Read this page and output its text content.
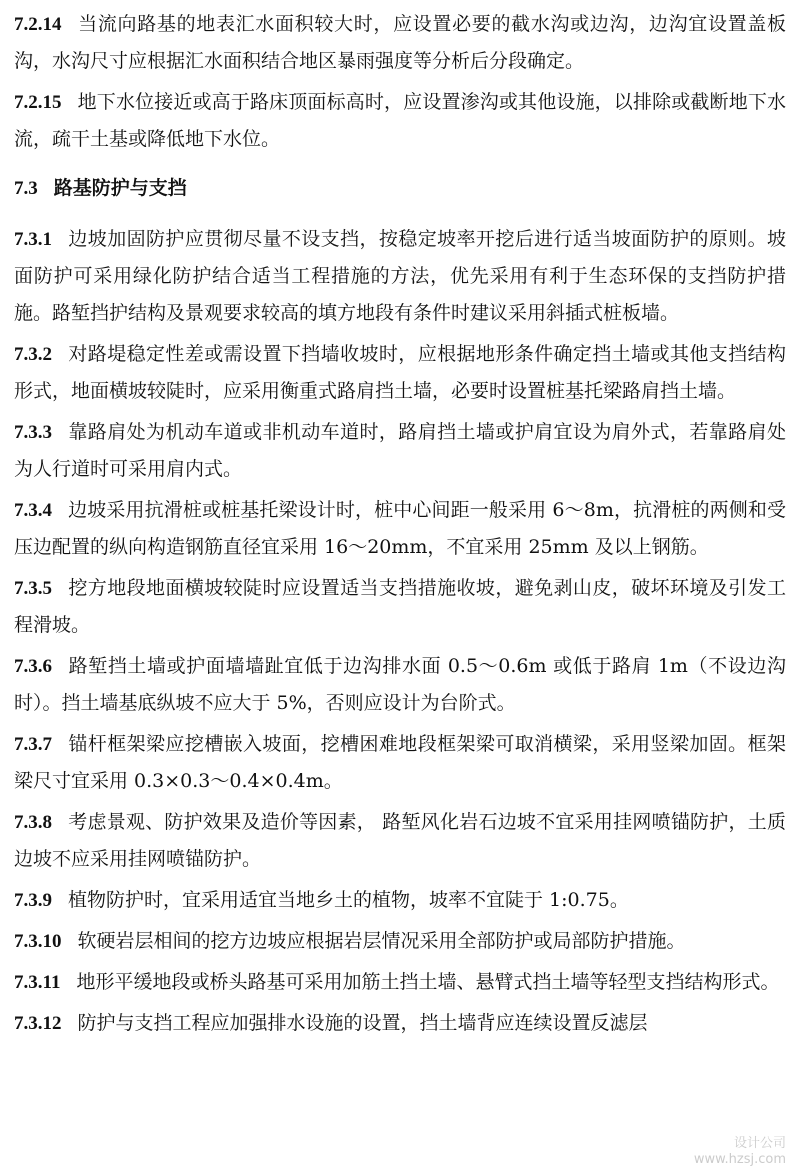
7.2.14 当流向路基的地表汇水面积较大时，应设置必要的截水沟或边沟，边沟宜设置盖板沟，水沟尺寸应根据汇水面积结合地区暴雨强度等分析后分段确定。

7.2.15 地下水位接近或高于路床顶面标高时，应设置渗沟或其他设施，以排除或截断地下水流，疏干土基或降低地下水位。

7.3 路基防护与支挡

7.3.1 边坡加固防护应贯彻尽量不设支挡，按稳定坡率开挖后进行适当坡面防护的原则。坡面防护可采用绿化防护结合适当工程措施的方法，优先采用有利于生态环保的支挡防护措施。路堑挡护结构及景观要求较高的填方地段有条件时建议采用斜插式桩板墙。

7.3.2 对路堤稳定性差或需设置下挡墙收坡时，应根据地形条件确定挡土墙或其他支挡结构形式，地面横坡较陡时，应采用衡重式路肩挡土墙，必要时设置桩基托梁路肩挡土墙。

7.3.3 靠路肩处为机动车道或非机动车道时，路肩挡土墙或护肩宜设为肩外式，若靠路肩处为人行道时可采用肩内式。

7.3.4 边坡采用抗滑桩或桩基托梁设计时，桩中心间距一般采用 6～8m，抗滑桩的两侧和受压边配置的纵向构造钢筋直径宜采用 16～20mm，不宜采用 25mm 及以上钢筋。

7.3.5 挖方地段地面横坡较陡时应设置适当支挡措施收坡，避免剥山皮，破坏环境及引发工程滑坡。

7.3.6 路堑挡土墙或护面墙墙趾宜低于边沟排水面 0.5～0.6m 或低于路肩 1m（不设边沟时）。挡土墙基底纵坡不应大于 5%，否则应设计为台阶式。

7.3.7 锚杆框架梁应挖槽嵌入坡面，挖槽困难地段框架梁可取消横梁，采用竖梁加固。框架梁尺寸宜采用 0.3×0.3～0.4×0.4m。

7.3.8 考虑景观、防护效果及造价等因素， 路堑风化岩石边坡不宜采用挂网喷锚防护，土质边坡不应采用挂网喷锚防护。

7.3.9 植物防护时，宜采用适宜当地乡土的植物，坡率不宜陡于 1:0.75。

7.3.10 软硬岩层相间的挖方边坡应根据岩层情况采用全部防护或局部防护措施。

7.3.11 地形平缓地段或桥头路基可采用加筋土挡土墙、悬臂式挡土墙等轻型支挡结构形式。

7.3.12 防护与支挡工程应加强排水设施的设置，挡土墙背应连续设置反滤层

设计公司
www.hzsj.com
